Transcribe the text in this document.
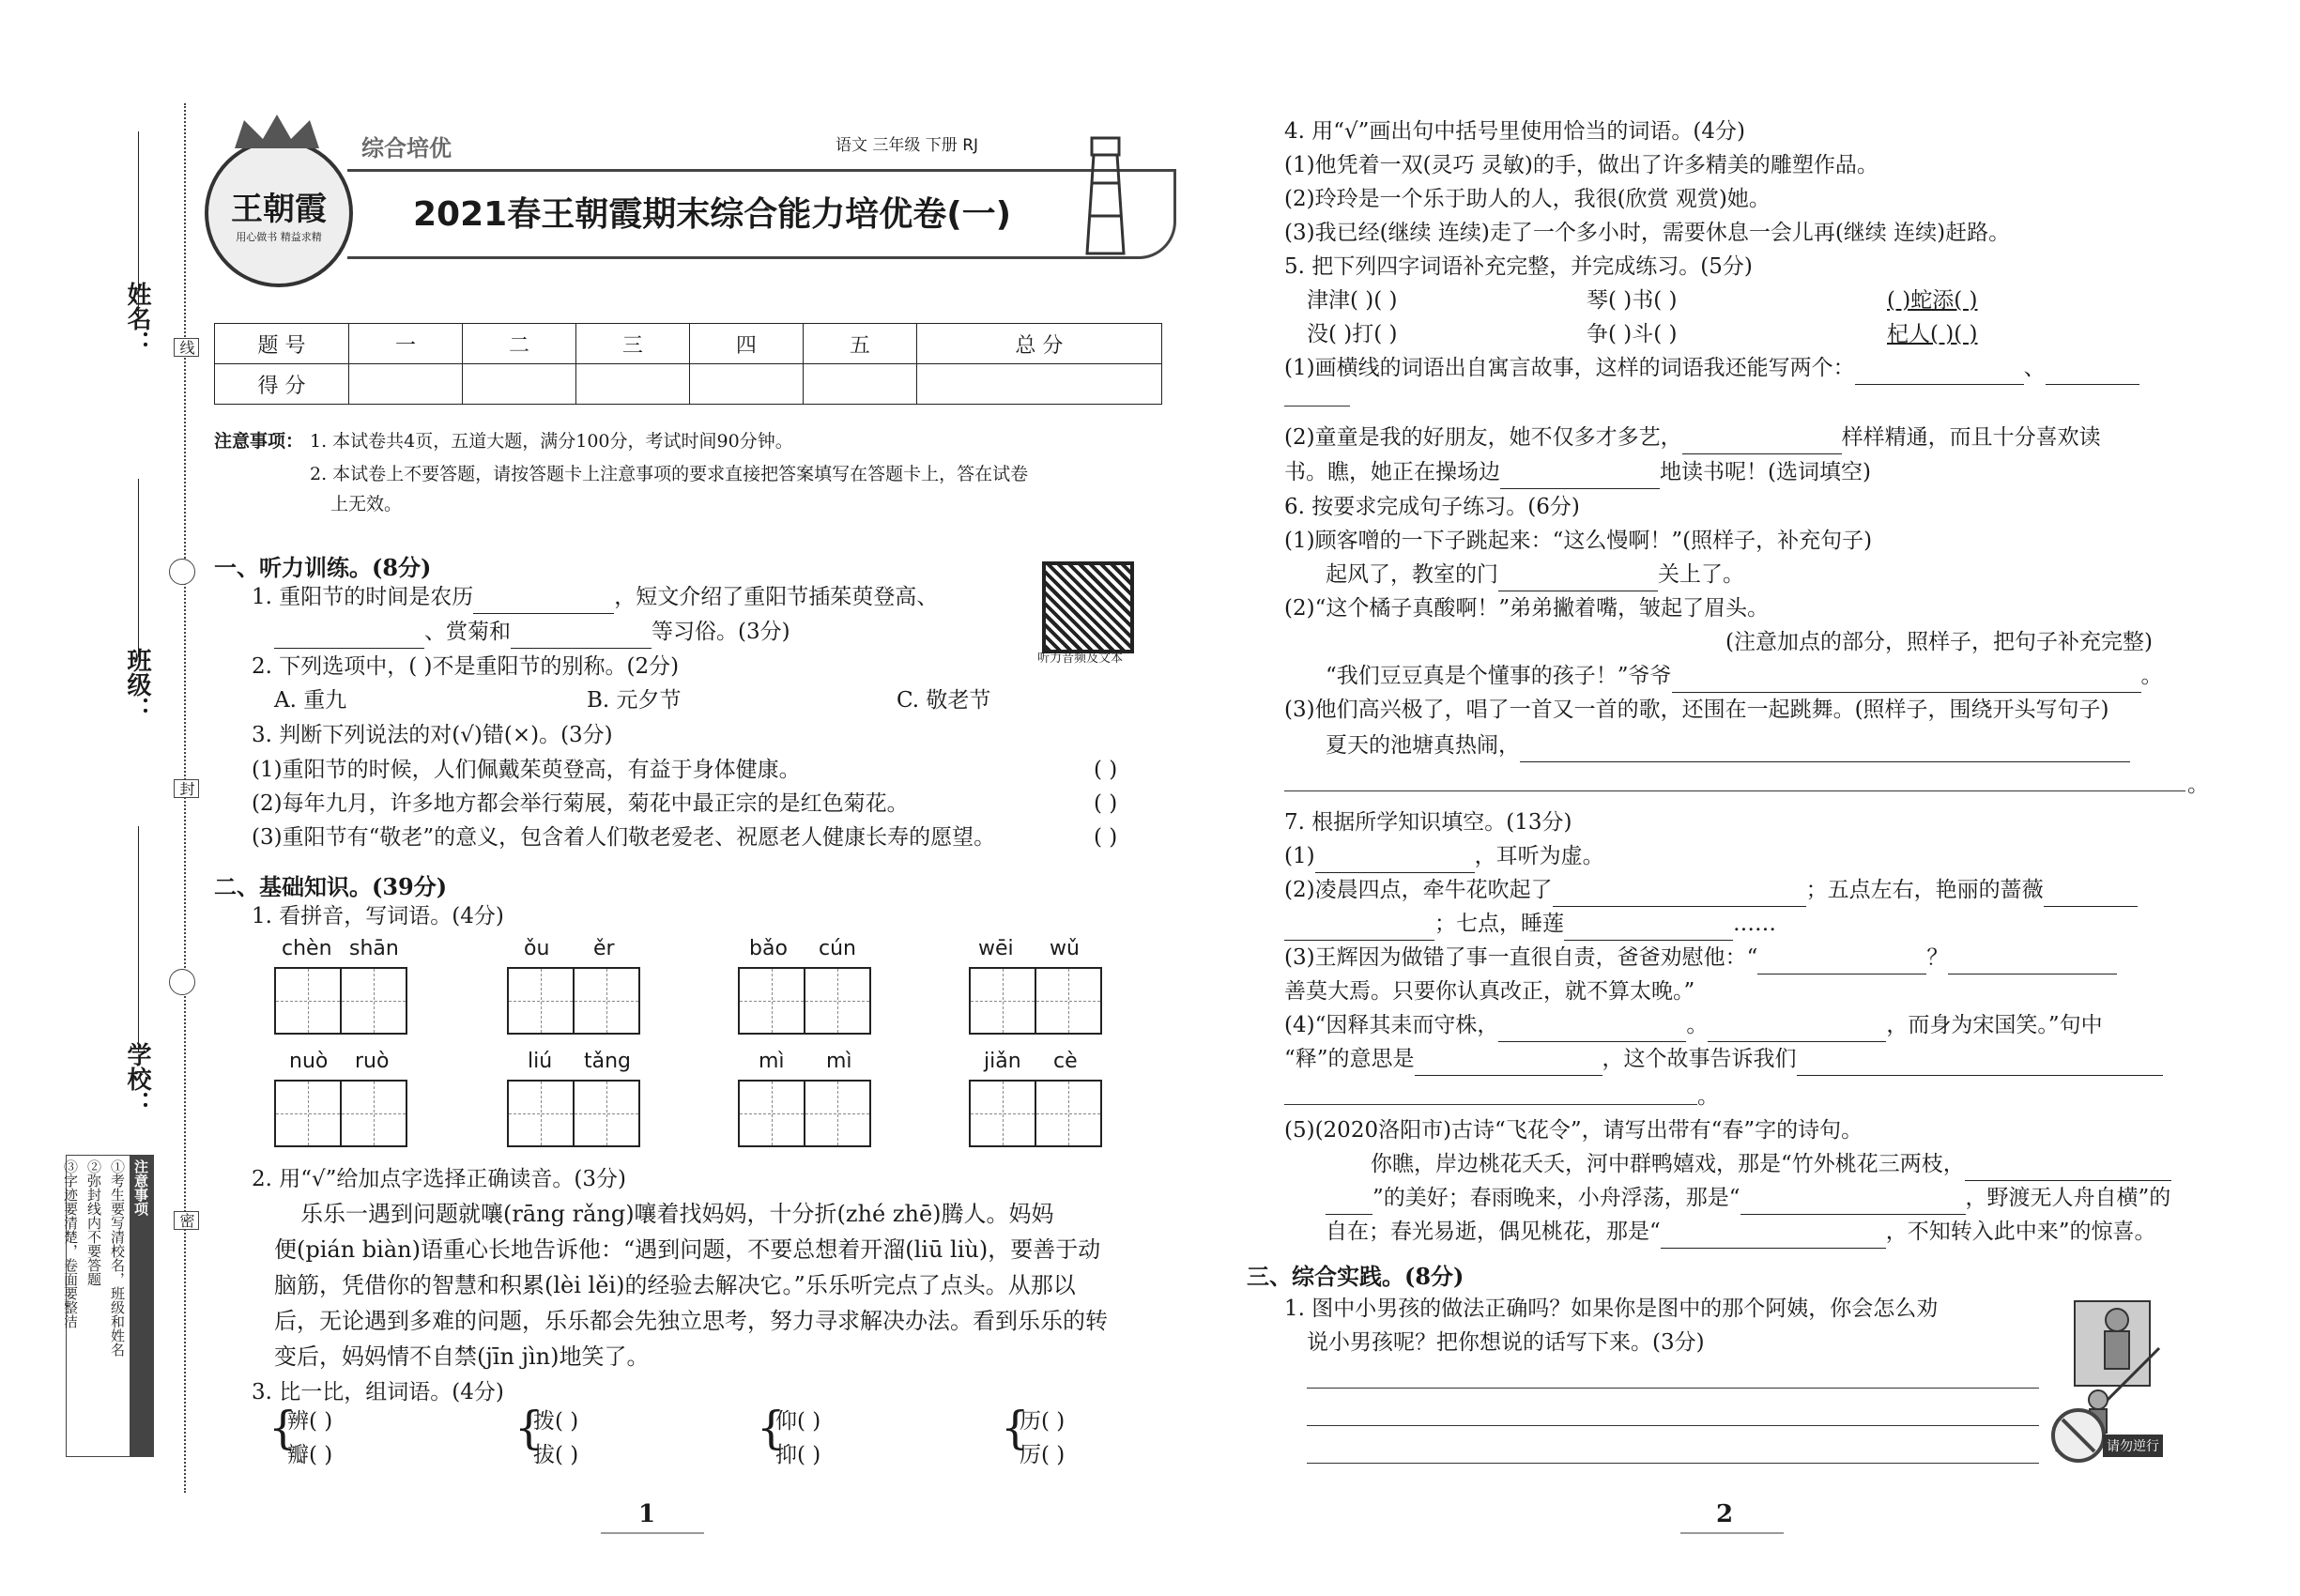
姓名：
班级：
学校：
线
封
密
注意事项
①考生要写清校名，班级和姓名
②弥封线内不要答题
③字迹要清楚，卷面要整洁
王朝霞
用心做书 精益求精
综合培优	语文 三年级 下册 RJ
2021春王朝霞期末综合能力培优卷(一)
题 号	一	二	三	四	五	总 分
得 分						
注意事项： 1. 本试卷共4页，五道大题，满分100分，考试时间90分钟。
2. 本试卷上不要答题，请按答题卡上注意事项的要求直接把答案填写在答题卡上，答在试卷
上无效。
一、听力训练。(8分)
听力音频及文本
1. 重阳节的时间是农历	，短文介绍了重阳节插茱萸登高、
、赏菊和	等习俗。(3分)
2. 下列选项中，( )不是重阳节的别称。(2分)
A. 重九	B. 元夕节	C. 敬老节
3. 判断下列说法的对(√)错(×)。(3分)
(1)重阳节的时候，人们佩戴茱萸登高，有益于身体健康。	( )
(2)每年九月，许多地方都会举行菊展，菊花中最正宗的是红色菊花。	( )
(3)重阳节有“敬老”的意义，包含着人们敬老爱老、祝愿老人健康长寿的愿望。	( )
二、基础知识。(39分)
1. 看拼音，写词语。(4分)
chèn shān	ǒu ěr	bǎo cún	wēi wǔ
nuò ruò	liú tǎng	mì mì	jiǎn cè
2. 用“√”给加点字选择正确读音。(3分)
乐乐一遇到问题就嚷(rāng rǎng)嚷着找妈妈，十分折(zhé zhē)腾人。妈妈
便(pián biàn)语重心长地告诉他：“遇到问题，不要总想着开溜(liū liù)，要善于动
脑筋，凭借你的智慧和积累(lèi lěi)的经验去解决它。”乐乐听完点了点头。从那以
后，无论遇到多难的问题，乐乐都会先独立思考，努力寻求解决办法。看到乐乐的转
变后，妈妈情不自禁(jīn jìn)地笑了。
3. 比一比，组词语。(4分)
{
辨( )
瓣( )
{
拨( )
拔( )
{
仰( )
抑( )
{
历( )
厉( )
1
4. 用“√”画出句中括号里使用恰当的词语。(4分)
(1)他凭着一双(灵巧 灵敏)的手，做出了许多精美的雕塑作品。
(2)玲玲是一个乐于助人的人，我很(欣赏 观赏)她。
(3)我已经(继续 连续)走了一个多小时，需要休息一会儿再(继续 连续)赶路。
5. 把下列四字词语补充完整，并完成练习。(5分)
津津( )( )	琴( )书( )	( )蛇添( )
没( )打( )	争( )斗( )	杞人( )( )
(1)画横线的词语出自寓言故事，这样的词语我还能写两个：	、
(2)童童是我的好朋友，她不仅多才多艺，	样样精通，而且十分喜欢读
书。瞧，她正在操场边	地读书呢！(选词填空)
6. 按要求完成句子练习。(6分)
(1)顾客噌的一下子跳起来：“这么慢啊！”(照样子，补充句子)
起风了，教室的门	关上了。
(2)“这个橘子真酸啊！”弟弟撇着嘴，皱起了眉头。
(注意加点的部分，照样子，把句子补充完整)
“我们豆豆真是个懂事的孩子！”爷爷	。
(3)他们高兴极了，唱了一首又一首的歌，还围在一起跳舞。(照样子，围绕开头写句子)
夏天的池塘真热闹，
。
7. 根据所学知识填空。(13分)
(1)	，耳听为虚。
(2)凌晨四点，牵牛花吹起了	；五点左右，艳丽的蔷薇
；七点，睡莲	……
(3)王辉因为做错了事一直很自责，爸爸劝慰他：“	？
善莫大焉。只要你认真改正，就不算太晚。”
(4)“因释其耒而守株，	。	，而身为宋国笑。”句中
“释”的意思是	，这个故事告诉我们
。
(5)(2020洛阳市)古诗“飞花令”，请写出带有“春”字的诗句。
你瞧，岸边桃花夭夭，河中群鸭嬉戏，那是“竹外桃花三两枝，
”的美好；春雨晚来，小舟浮荡，那是“	，野渡无人舟自横”的
自在；春光易逝，偶见桃花，那是“	，不知转入此中来”的惊喜。
三、综合实践。(8分)
1. 图中小男孩的做法正确吗？如果你是图中的那个阿姨，你会怎么劝
说小男孩呢？把你想说的话写下来。(3分)
请勿逆行
2
